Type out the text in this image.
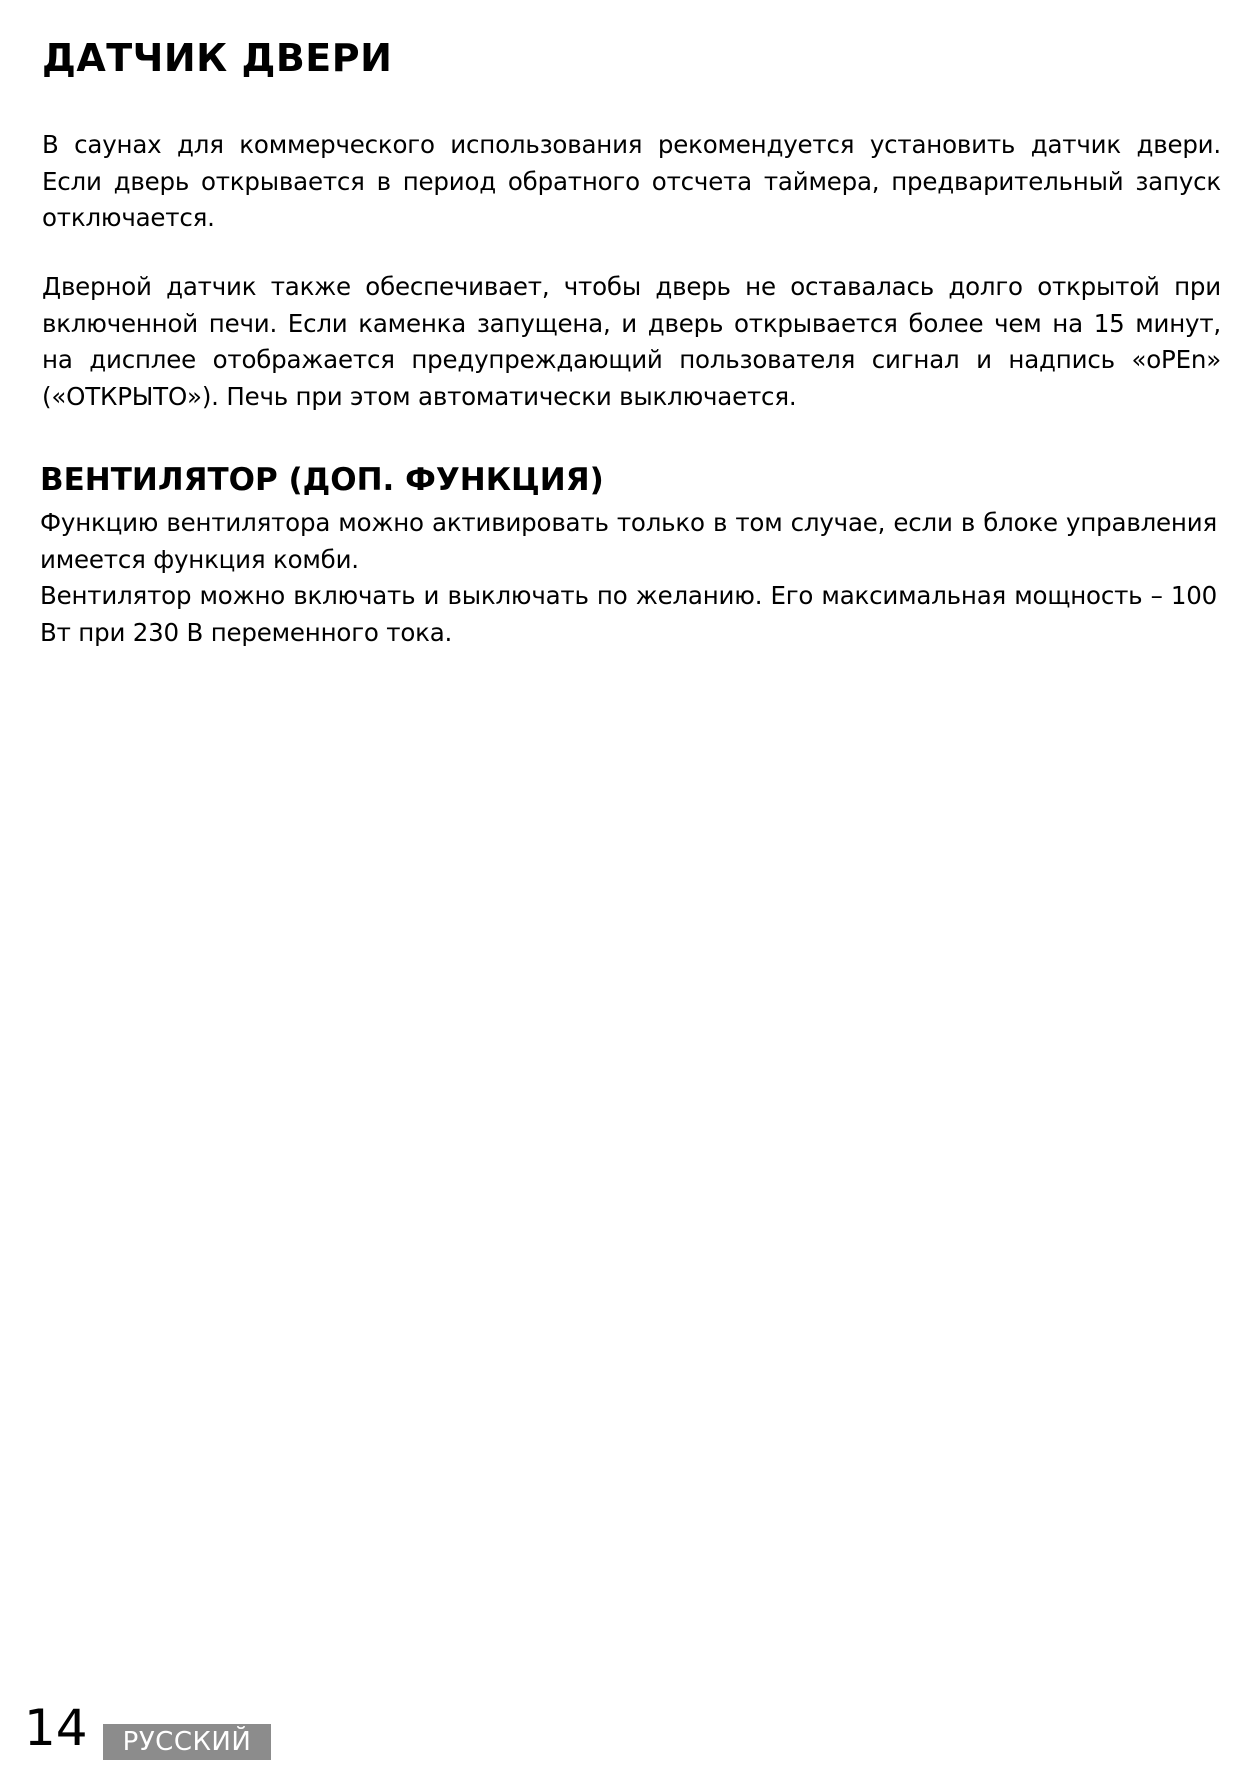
ДАТЧИК ДВЕРИ

В саунах для коммерческого использования рекомендуется установить датчик двери. Если дверь открывается в период обратного отсчета таймера, предварительный запуск отключается.

Дверной датчик также обеспечивает, чтобы дверь не оставалась долго открытой при включенной печи. Если каменка запущена, и дверь открывается более чем на 15 минут, на дисплее отображается предупреждающий пользователя сигнал и надпись «oPEn» («ОТКРЫТО»). Печь при этом автоматически выключается.

ВЕНТИЛЯТОР (ДОП. ФУНКЦИЯ)

Функцию вентилятора можно активировать только в том случае, если в блоке управления имеется функция комби.

Вентилятор можно включать и выключать по желанию. Его максимальная мощность – 100 Вт при 230 В переменного тока.

14	РУССКИЙ
